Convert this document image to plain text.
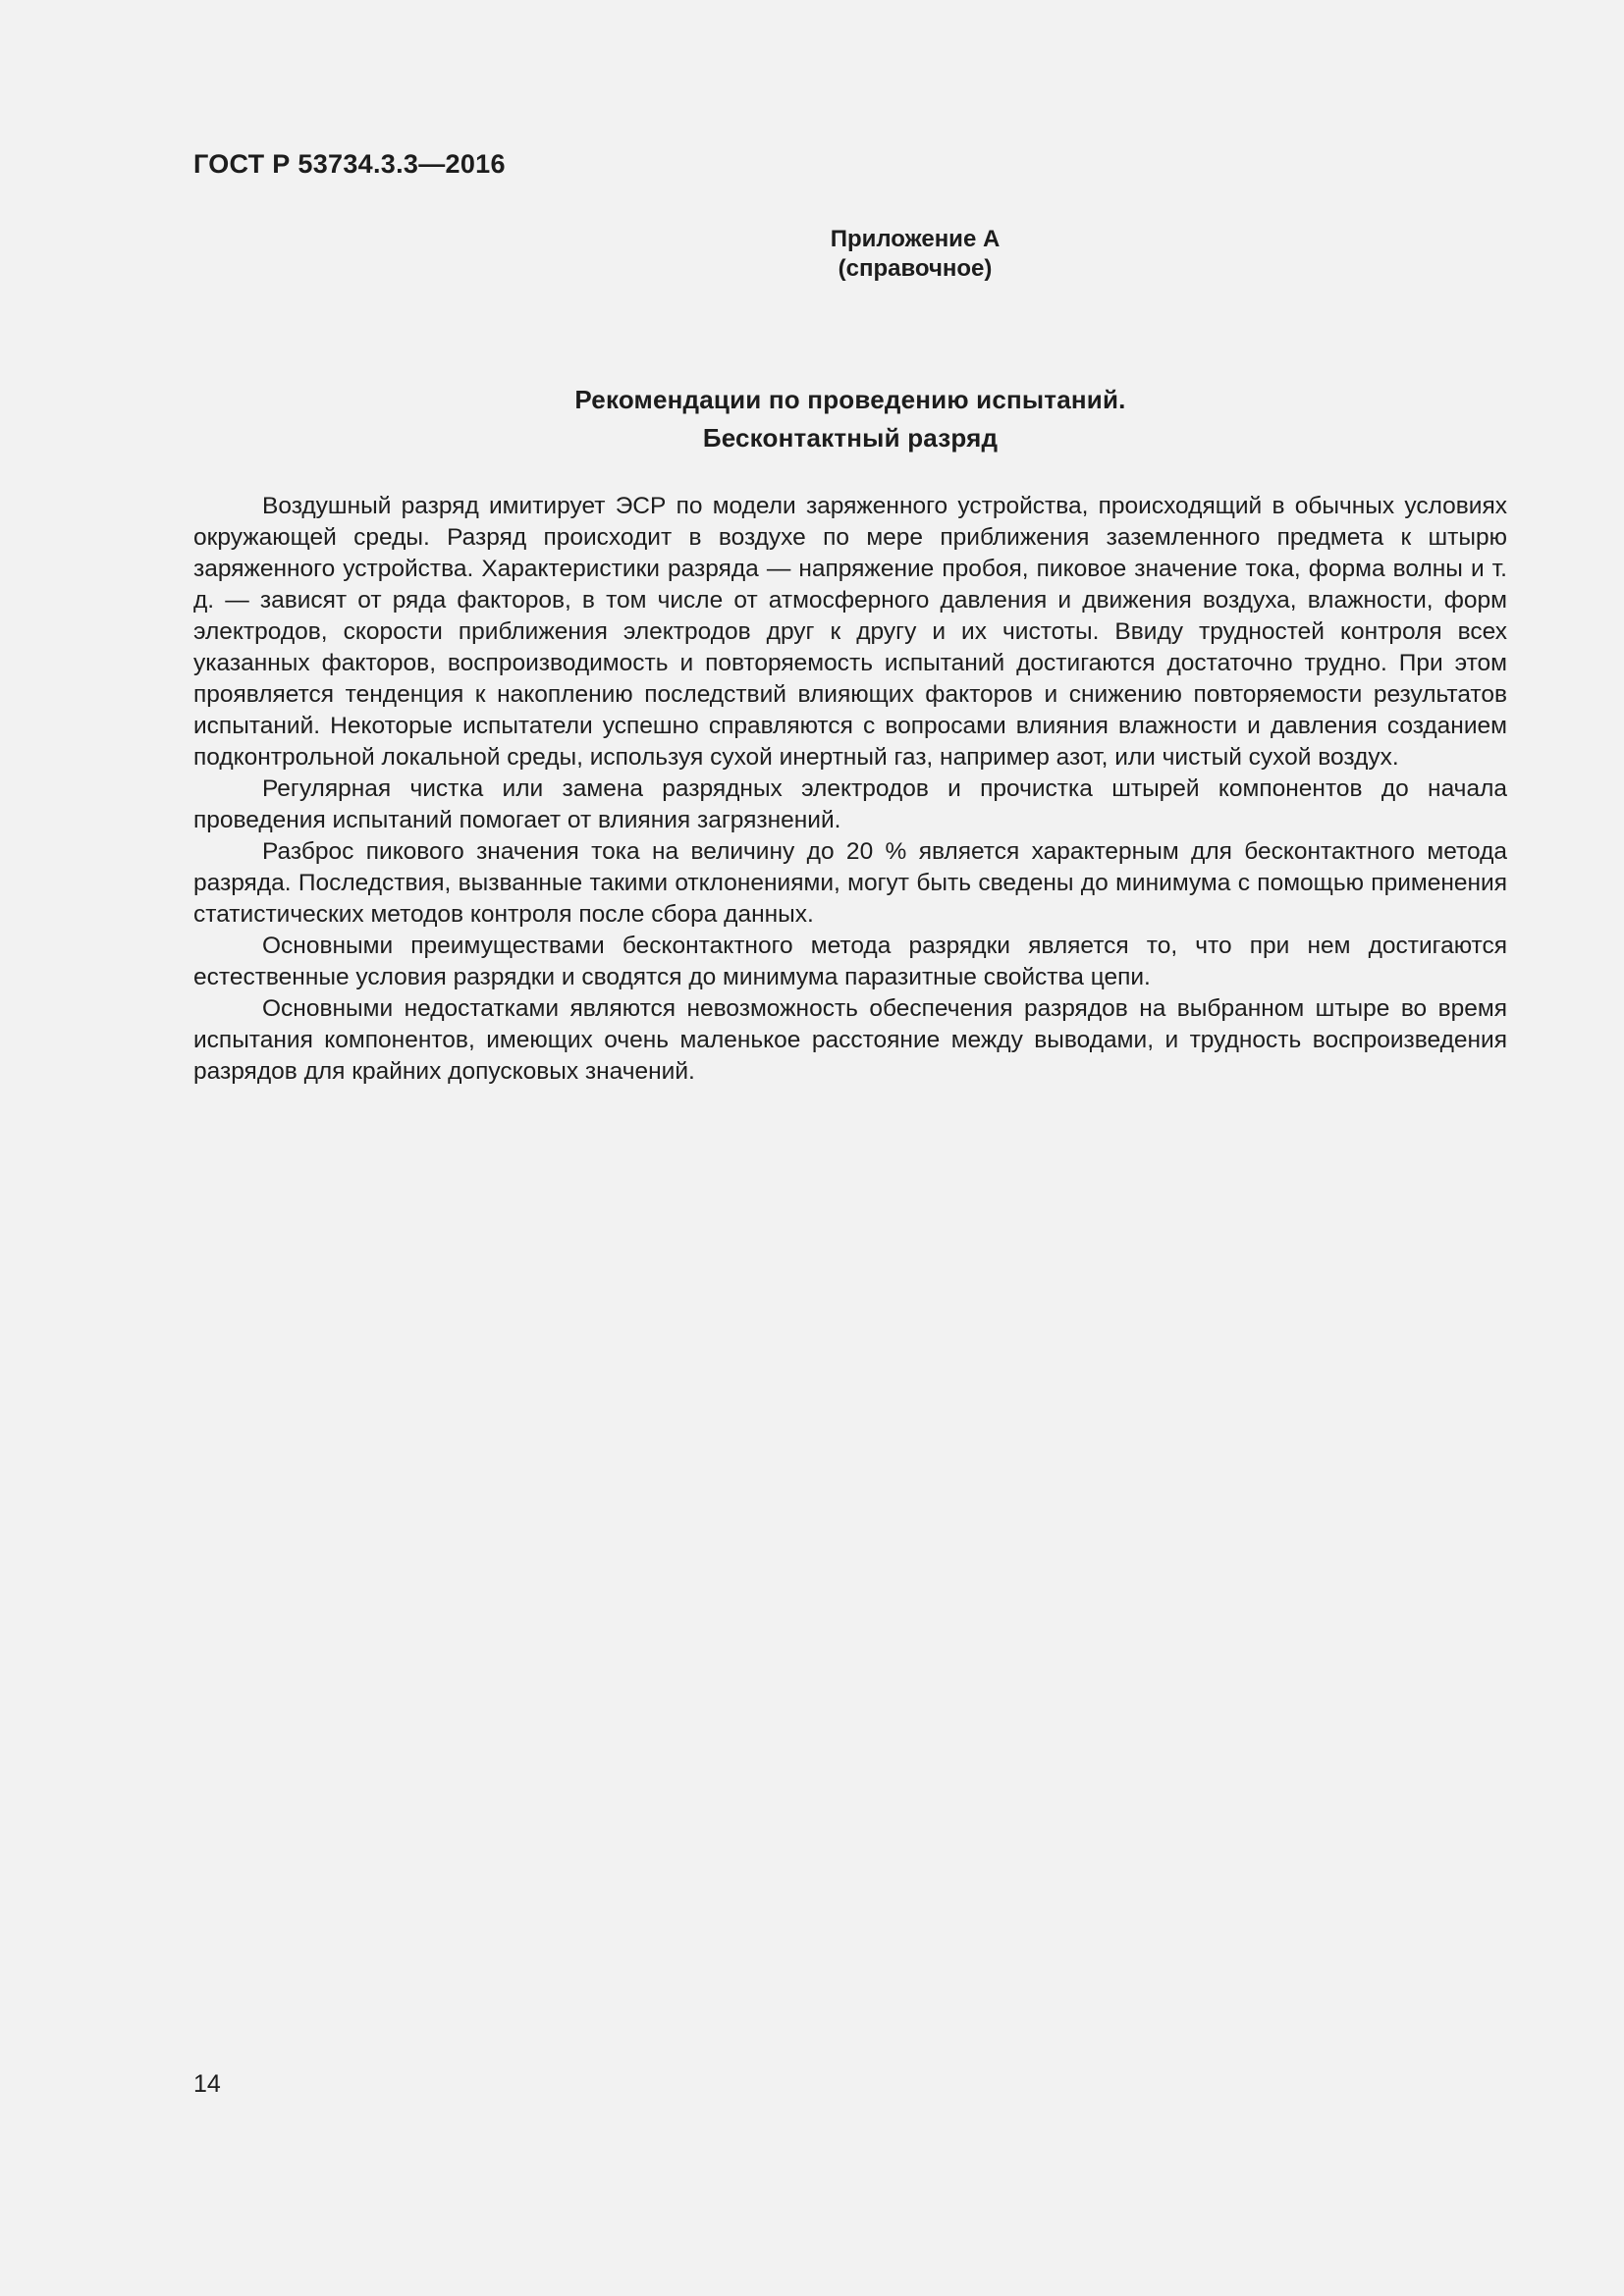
ГОСТ Р 53734.3.3—2016
Приложение А
(справочное)
Рекомендации по проведению испытаний.
Бесконтактный разряд

Воздушный разряд имитирует ЭСР по модели заряженного устройства, происходящий в обычных условиях окружающей среды. Разряд происходит в воздухе по мере приближения заземленного предмета к штырю заряженного устройства. Характеристики разряда — напряжение пробоя, пиковое значение тока, форма волны и т. д. — зависят от ряда факторов, в том числе от атмосферного давления и движения воздуха, влажности, форм электродов, скорости приближения электродов друг к другу и их чистоты. Ввиду трудностей контроля всех указанных факторов, воспроизводимость и повторяемость испытаний достигаются достаточно трудно. При этом проявляется тенденция к накоплению последствий влияющих факторов и снижению повторяемости результатов испытаний. Некоторые испытатели успешно справляются с вопросами влияния влажности и давления созданием подконтрольной локальной среды, используя сухой инертный газ, например азот, или чистый сухой воздух.

Регулярная чистка или замена разрядных электродов и прочистка штырей компонентов до начала проведения испытаний помогает от влияния загрязнений.

Разброс пикового значения тока на величину до 20 % является характерным для бесконтактного метода разряда. Последствия, вызванные такими отклонениями, могут быть сведены до минимума с помощью применения статистических методов контроля после сбора данных.

Основными преимуществами бесконтактного метода разрядки является то, что при нем достигаются естественные условия разрядки и сводятся до минимума паразитные свойства цепи.

Основными недостатками являются невозможность обеспечения разрядов на выбранном штыре во время испытания компонентов, имеющих очень маленькое расстояние между выводами, и трудность воспроизведения разрядов для крайних допусковых значений.

14
